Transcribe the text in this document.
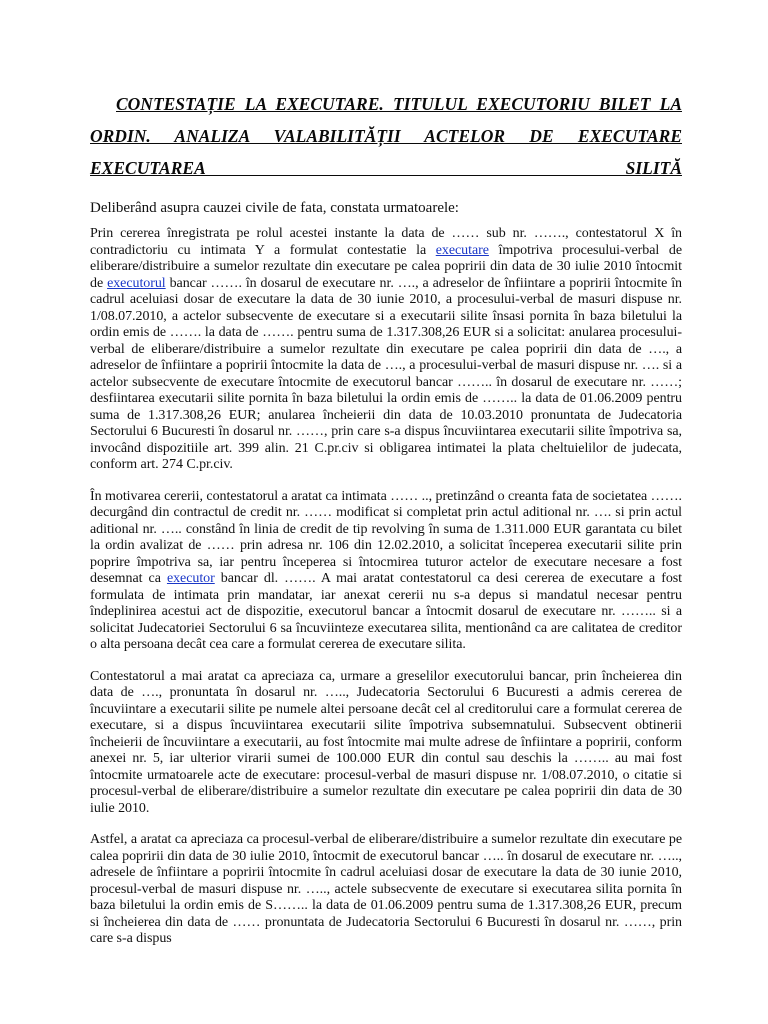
CONTESTAȚIE LA EXECUTARE. TITULUL EXECUTORIU BILET LA ORDIN. ANALIZA VALABILITĂȚII ACTELOR DE EXECUTARE EXECUTAREA SILITĂ

Deliberând asupra cauzei civile de fata, constata urmatoarele:

Prin cererea înregistrata pe rolul acestei instante la data de …… sub nr. ……., contestatorul X în contradictoriu cu intimata Y a formulat contestatie la executare împotriva procesului-verbal de eliberare/distribuire a sumelor rezultate din executare pe calea popririi din data de 30 iulie 2010 întocmit de executorul bancar ……. în dosarul de executare nr. …., a adreselor de înfiintare a popririi întocmite în cadrul aceluiasi dosar de executare la data de 30 iunie 2010, a procesului-verbal de masuri dispuse nr. 1/08.07.2010, a actelor subsecvente de executare si a executarii silite însasi pornita în baza biletului la ordin emis de ……. la data de ……. pentru suma de 1.317.308,26 EUR si a solicitat: anularea procesului-verbal de eliberare/distribuire a sumelor rezultate din executare pe calea popririi din data de …., a adreselor de înfiintare a popririi întocmite la data de …., a procesului-verbal de masuri dispuse nr. …. si a actelor subsecvente de executare întocmite de executorul bancar …….. în dosarul de executare nr. ……; desfiintarea executarii silite pornita în baza biletului la ordin emis de …….. la data de 01.06.2009 pentru suma de 1.317.308,26 EUR; anularea încheierii din data de 10.03.2010 pronuntata de Judecatoria Sectorului 6 Bucuresti în dosarul nr. ……, prin care s-a dispus încuviintarea executarii silite împotriva sa, invocând dispozitiile art. 399 alin. 21 C.pr.civ si obligarea intimatei la plata cheltuielilor de judecata, conform art. 274 C.pr.civ.

În motivarea cererii, contestatorul a aratat ca intimata …… .., pretinzând o creanta fata de societatea ……. decurgând din contractul de credit nr. …… modificat si completat prin actul aditional nr. …. si prin actul aditional nr. ….. constând în linia de credit de tip revolving în suma de 1.311.000 EUR garantata cu bilet la ordin avalizat de …… prin adresa nr. 106 din 12.02.2010, a solicitat începerea executarii silite prin poprire împotriva sa, iar pentru începerea si întocmirea tuturor actelor de executare necesare a fost desemnat ca executor bancar dl. ……. A mai aratat contestatorul ca desi cererea de executare a fost formulata de intimata prin mandatar, iar anexat cererii nu s-a depus si mandatul necesar pentru îndeplinirea acestui act de dispozitie, executorul bancar a întocmit dosarul de executare nr. …….. si a solicitat Judecatoriei Sectorului 6 sa încuviinteze executarea silita, mentionând ca are calitatea de creditor o alta persoana decât cea care a formulat cererea de executare silita.

Contestatorul a mai aratat ca apreciaza ca, urmare a greselilor executorului bancar, prin încheierea din data de …., pronuntata în dosarul nr. ….., Judecatoria Sectorului 6 Bucuresti a admis cererea de încuviintare a executarii silite pe numele altei persoane decât cel al creditorului care a formulat cererea de executare, si a dispus încuviintarea executarii silite împotriva subsemnatului. Subsecvent obtinerii încheierii de încuviintare a executarii, au fost întocmite mai multe adrese de înfiintare a popririi, conform anexei nr. 5, iar ulterior virarii sumei de 100.000 EUR din contul sau deschis la …….. au mai fost întocmite urmatoarele acte de executare: procesul-verbal de masuri dispuse nr. 1/08.07.2010, o citatie si procesul-verbal de eliberare/distribuire a sumelor rezultate din executare pe calea popririi din data de 30 iulie 2010.

Astfel, a aratat ca apreciaza ca procesul-verbal de eliberare/distribuire a sumelor rezultate din executare pe calea popririi din data de 30 iulie 2010, întocmit de executorul bancar ….. în dosarul de executare nr. ….., adresele de înfiintare a popririi întocmite în cadrul aceluiasi dosar de executare la data de 30 iunie 2010, procesul-verbal de masuri dispuse nr. ….., actele subsecvente de executare si executarea silita pornita în baza biletului la ordin emis de S…….. la data de 01.06.2009 pentru suma de 1.317.308,26 EUR, precum si încheierea din data de …… pronuntata de Judecatoria Sectorului 6 Bucuresti în dosarul nr. ……, prin care s-a dispus
